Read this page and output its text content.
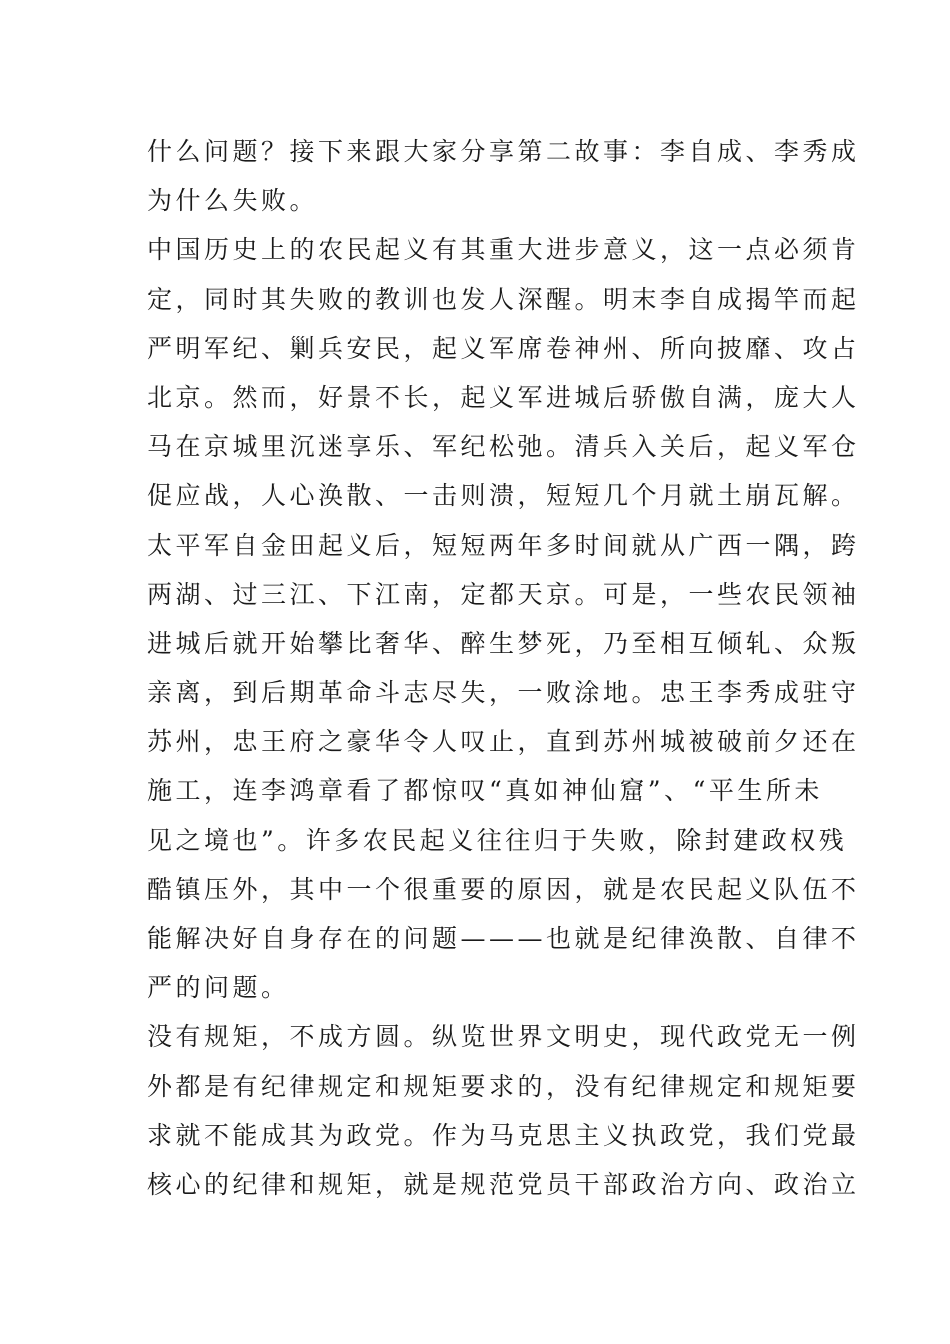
什么问题？接下来跟大家分享第二故事：李自成、李秀成
为什么失败。
中国历史上的农民起义有其重大进步意义，这一点必须肯
定，同时其失败的教训也发人深醒。明末李自成揭竿而起
严明军纪、剿兵安民，起义军席卷神州、所向披靡、攻占
北京。然而，好景不长，起义军进城后骄傲自满，庞大人
马在京城里沉迷享乐、军纪松弛。清兵入关后，起义军仓
促应战，人心涣散、一击则溃，短短几个月就土崩瓦解。
太平军自金田起义后，短短两年多时间就从广西一隅，跨
两湖、过三江、下江南，定都天京。可是，一些农民领袖
进城后就开始攀比奢华、醉生梦死，乃至相互倾轧、众叛
亲离，到后期革命斗志尽失，一败涂地。忠王李秀成驻守
苏州，忠王府之豪华令人叹止，直到苏州城被破前夕还在
施工，连李鸿章看了都惊叹“真如神仙窟”、“平生所未
见之境也”。许多农民起义往往归于失败，除封建政权残
酷镇压外，其中一个很重要的原因，就是农民起义队伍不
能解决好自身存在的问题———也就是纪律涣散、自律不
严的问题。
没有规矩，不成方圆。纵览世界文明史，现代政党无一例
外都是有纪律规定和规矩要求的，没有纪律规定和规矩要
求就不能成其为政党。作为马克思主义执政党，我们党最
核心的纪律和规矩，就是规范党员干部政治方向、政治立
